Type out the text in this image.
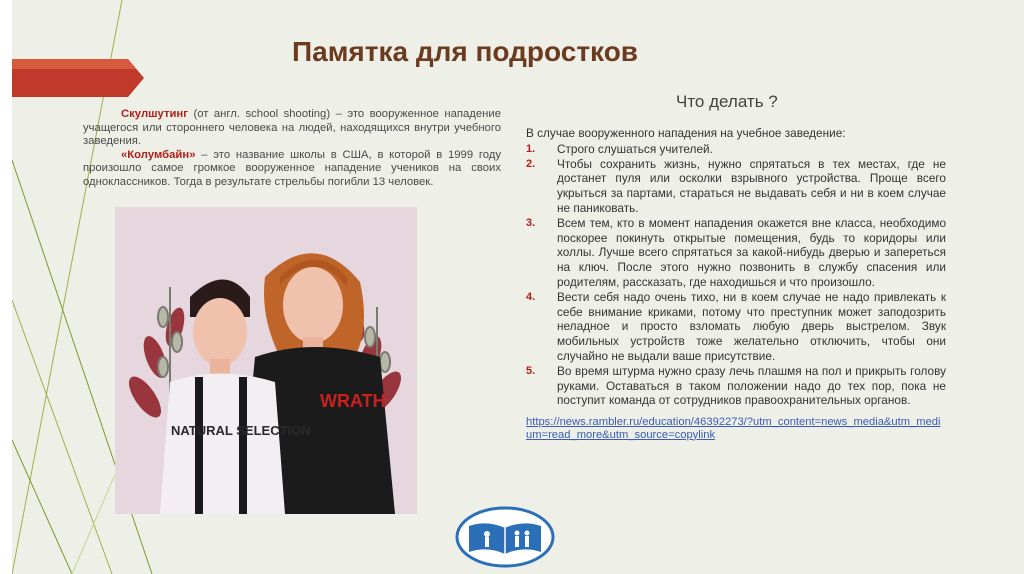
Памятка для подростков
Что делать ?

Скулшутинг (от англ. school shooting) – это вооруженное нападение учащегося или стороннего человека на людей, находящихся внутри учебного заведения.

«Колумбайн» – это название школы в США, в которой в 1999 году произошло самое громкое вооруженное нападение учеников на своих одноклассников. Тогда в результате стрельбы погибли 13 человек.

WRATH
NATURAL SELECTION

В случае вооруженного нападения на учебное заведение:

1. Строго слушаться учителей.
2. Чтобы сохранить жизнь, нужно спрятаться в тех местах, где не достанет пуля или осколки взрывного устройства. Проще всего укрыться за партами, стараться не выдавать себя и ни в коем случае не паниковать.
3. Всем тем, кто в момент нападения окажется вне класса, необходимо поскорее покинуть открытые помещения, будь то коридоры или холлы. Лучше всего спрятаться за какой-нибудь дверью и запереться на ключ. После этого нужно позвонить в службу спасения или родителям, рассказать, где находишься и что произошло.
4. Вести себя надо очень тихо, ни в коем случае не надо привлекать к себе внимание криками, потому что преступник может заподозрить неладное и просто взломать любую дверь выстрелом. Звук мобильных устройств тоже желательно отключить, чтобы они случайно не выдали ваше присутствие.
5. Во время штурма нужно сразу лечь плашмя на пол и прикрыть голову руками. Оставаться в таком положении надо до тех пор, пока не поступит команда от сотрудников правоохранительных органов.
https://news.rambler.ru/education/46392273/?utm_content=news_media&utm_medium=read_more&utm_source=copylink
